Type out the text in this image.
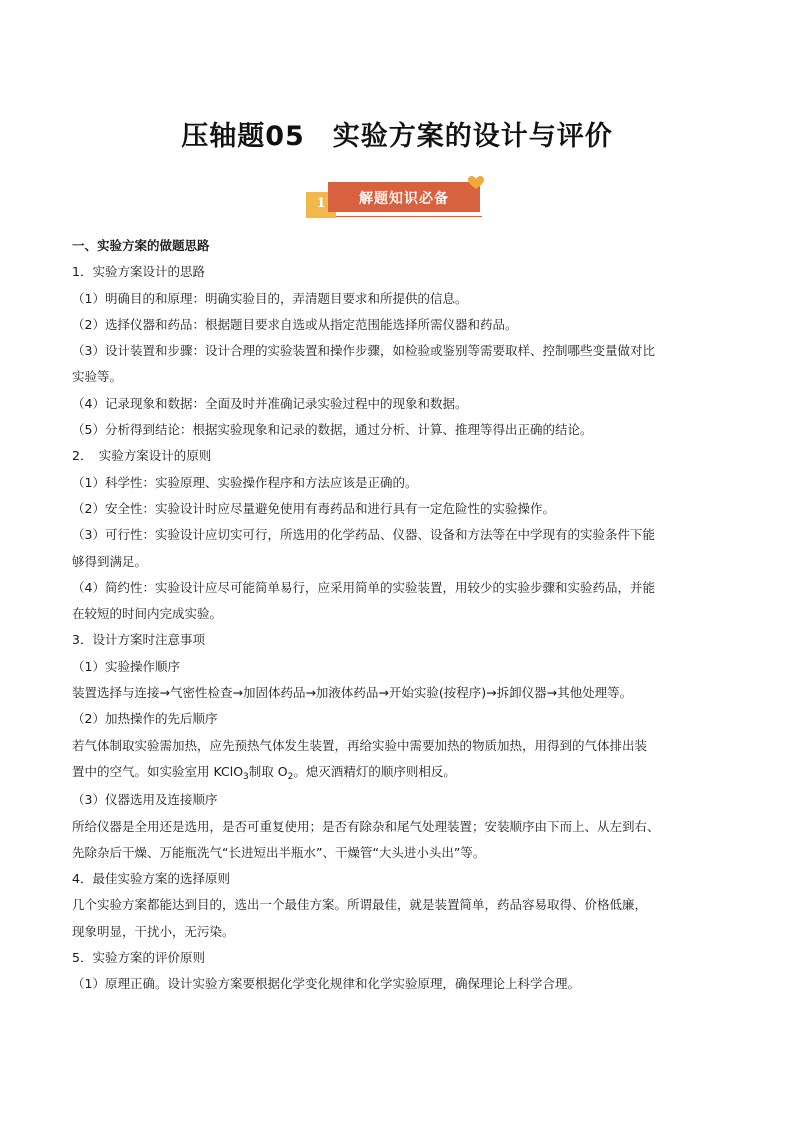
压轴题05　实验方案的设计与评价
1	解题知识必备

一、实验方案的做题思路

1．实验方案设计的思路

（1）明确目的和原理：明确实验目的，弄清题目要求和所提供的信息。

（2）选择仪器和药品：根据题目要求自选或从指定范围能选择所需仪器和药品。

（3）设计装置和步骤：设计合理的实验装置和操作步骤，如检验或鉴别等需要取样、控制哪些变量做对比

实验等。

（4）记录现象和数据：全面及时并准确记录实验过程中的现象和数据。

（5）分析得到结论：根据实验现象和记录的数据，通过分析、计算、推理等得出正确的结论。

2．　实验方案设计的原则

（1）科学性：实验原理、实验操作程序和方法应该是正确的。

（2）安全性：实验设计时应尽量避免使用有毒药品和进行具有一定危险性的实验操作。

（3）可行性：实验设计应切实可行，所选用的化学药品、仪器、设备和方法等在中学现有的实验条件下能

够得到满足。

（4）简约性：实验设计应尽可能简单易行，应采用简单的实验装置，用较少的实验步骤和实验药品，并能

在较短的时间内完成实验。

3．设计方案时注意事项

（1）实验操作顺序

装置选择与连接→气密性检查→加固体药品→加液体药品→开始实验(按程序)→拆卸仪器→其他处理等。

（2）加热操作的先后顺序

若气体制取实验需加热，应先预热气体发生装置，再给实验中需要加热的物质加热，用得到的气体排出装

置中的空气。如实验室用 KClO$_3$制取 $O_2$。熄灭酒精灯的顺序则相反。

（3）仪器选用及连接顺序

所给仪器是全用还是选用，是否可重复使用；是否有除杂和尾气处理装置；安装顺序由下而上、从左到右、

先除杂后干燥、万能瓶洗气“长进短出半瓶水”、干燥管“大头进小头出”等。

4．最佳实验方案的选择原则

几个实验方案都能达到目的，选出一个最佳方案。所谓最佳，就是装置简单，药品容易取得、价格低廉，

现象明显，干扰小，无污染。

5．实验方案的评价原则

（1）原理正确。设计实验方案要根据化学变化规律和化学实验原理，确保理论上科学合理。
